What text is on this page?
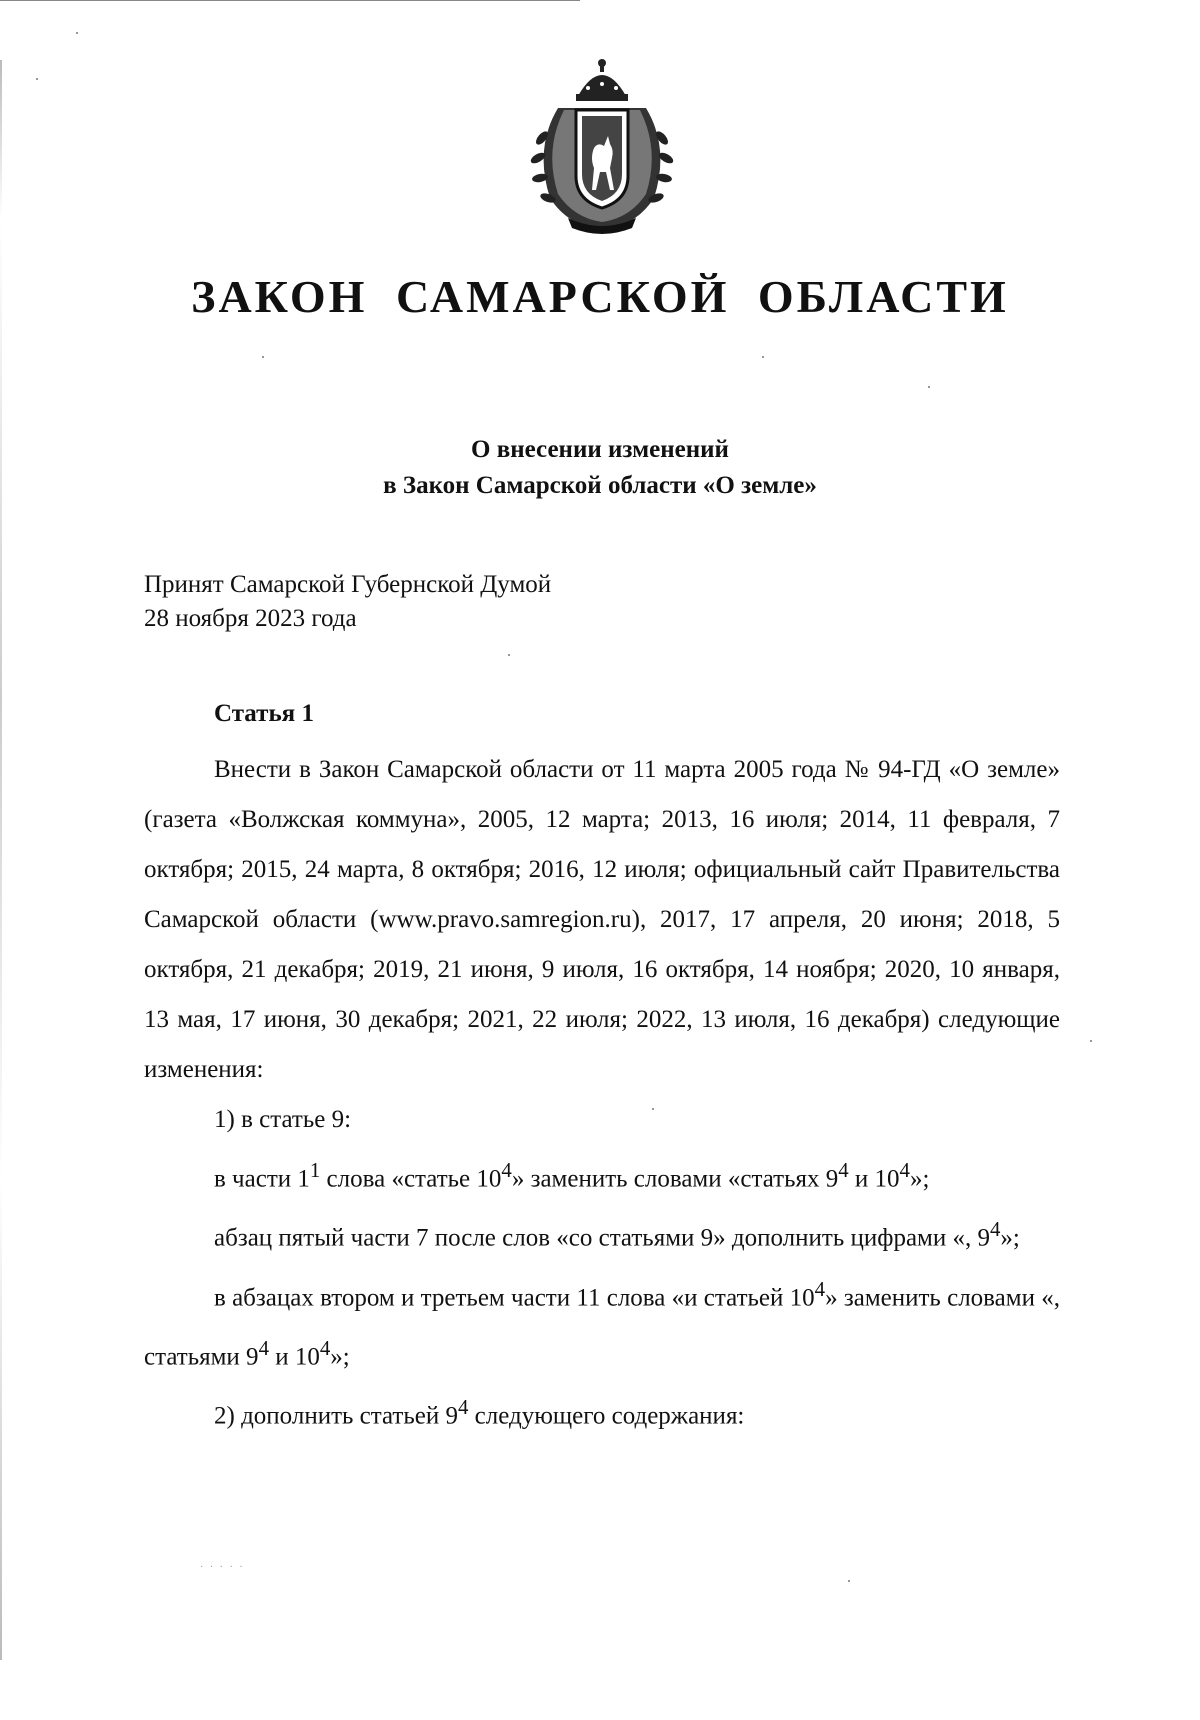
ЗАКОН САМАРСКОЙ ОБЛАСТИ
О внесении изменений
в Закон Самарской области «О земле»
Принят Самарской Губернской Думой
28 ноября 2023 года
Статья 1

Внести в Закон Самарской области от 11 марта 2005 года № 94-ГД «О земле» (газета «Волжская коммуна», 2005, 12 марта; 2013, 16 июля; 2014, 11 февраля, 7 октября; 2015, 24 марта, 8 октября; 2016, 12 июля; официальный сайт Правительства Самарской области (www.pravo.samregion.ru), 2017, 17 апреля, 20 июня; 2018, 5 октября, 21 декабря; 2019, 21 июня, 9 июля, 16 октября, 14 ноября; 2020, 10 января, 13 мая, 17 июня, 30 декабря; 2021, 22 июля; 2022, 13 июля, 16 декабря) следующие изменения:

1) в статье 9:

в части $1^1$ слова «статье $10^4$» заменить словами «статьях $9^4$ и $10^4$»;

абзац пятый части 7 после слов «со статьями 9» дополнить цифрами «, $9^4$»;

в абзацах втором и третьем части 11 слова «и статьей $10^4$» заменить словами «, статьями $9^4$ и $10^4$»;

2) дополнить статьей $9^4$ следующего содержания:

· · · · ·
